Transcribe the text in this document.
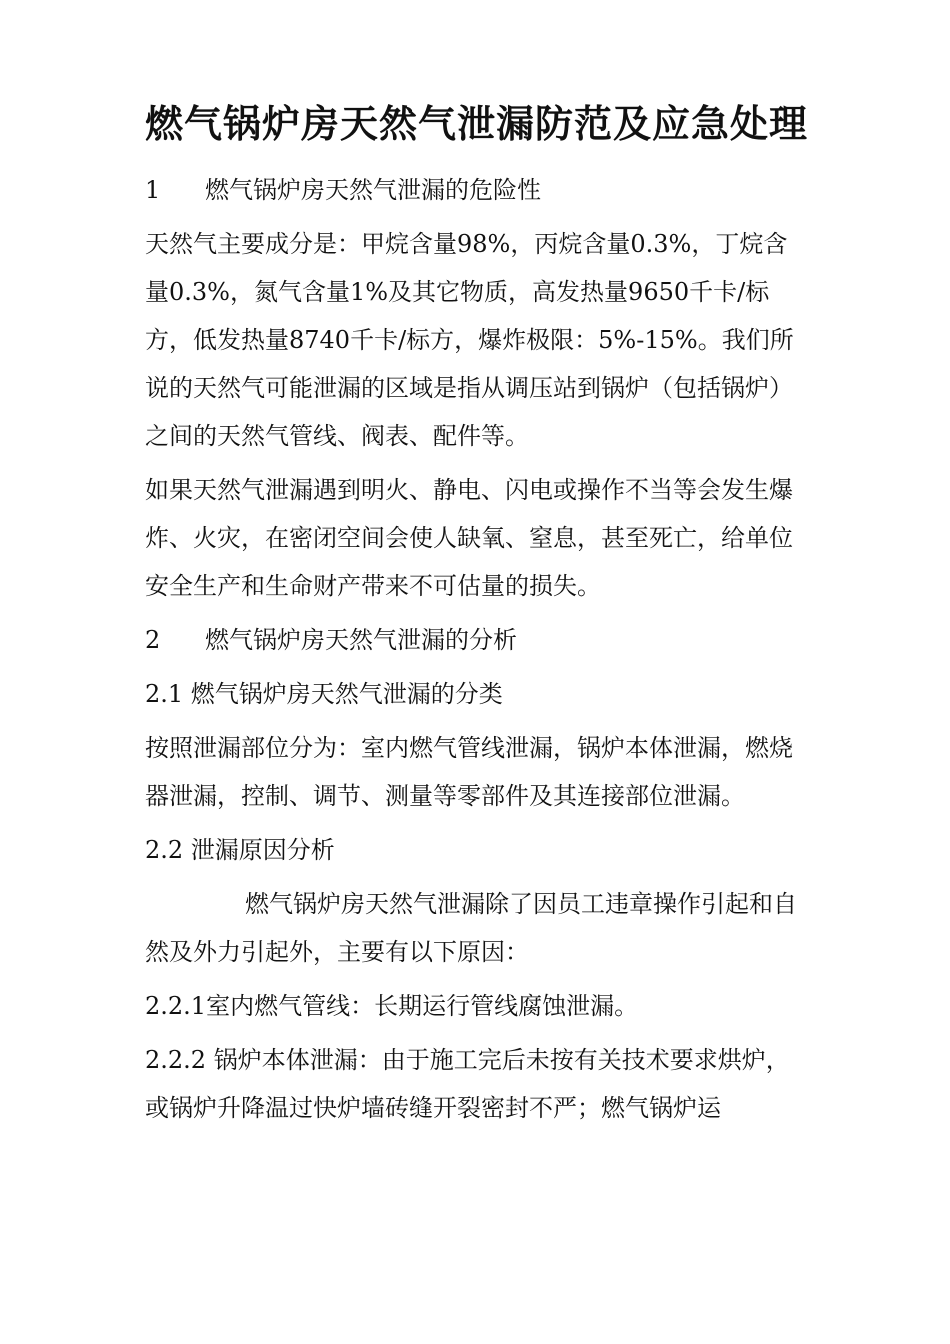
燃气锅炉房天然气泄漏防范及应急处理

1 燃气锅炉房天然气泄漏的危险性

天然气主要成分是：甲烷含量98%，丙烷含量0.3%，丁烷含量0.3%，氮气含量1%及其它物质，高发热量9650千卡/标方，低发热量8740千卡/标方，爆炸极限：5%-15%。我们所说的天然气可能泄漏的区域是指从调压站到锅炉（包括锅炉）之间的天然气管线、阀表、配件等。

如果天然气泄漏遇到明火、静电、闪电或操作不当等会发生爆炸、火灾，在密闭空间会使人缺氧、窒息，甚至死亡，给单位安全生产和生命财产带来不可估量的损失。

2 燃气锅炉房天然气泄漏的分析

2.1 燃气锅炉房天然气泄漏的分类

按照泄漏部位分为：室内燃气管线泄漏，锅炉本体泄漏，燃烧器泄漏，控制、调节、测量等零部件及其连接部位泄漏。

2.2 泄漏原因分析

燃气锅炉房天然气泄漏除了因员工违章操作引起和自然及外力引起外，主要有以下原因：

2.2.1室内燃气管线：长期运行管线腐蚀泄漏。

2.2.2 锅炉本体泄漏：由于施工完后未按有关技术要求烘炉，或锅炉升降温过快炉墙砖缝开裂密封不严；燃气锅炉运
